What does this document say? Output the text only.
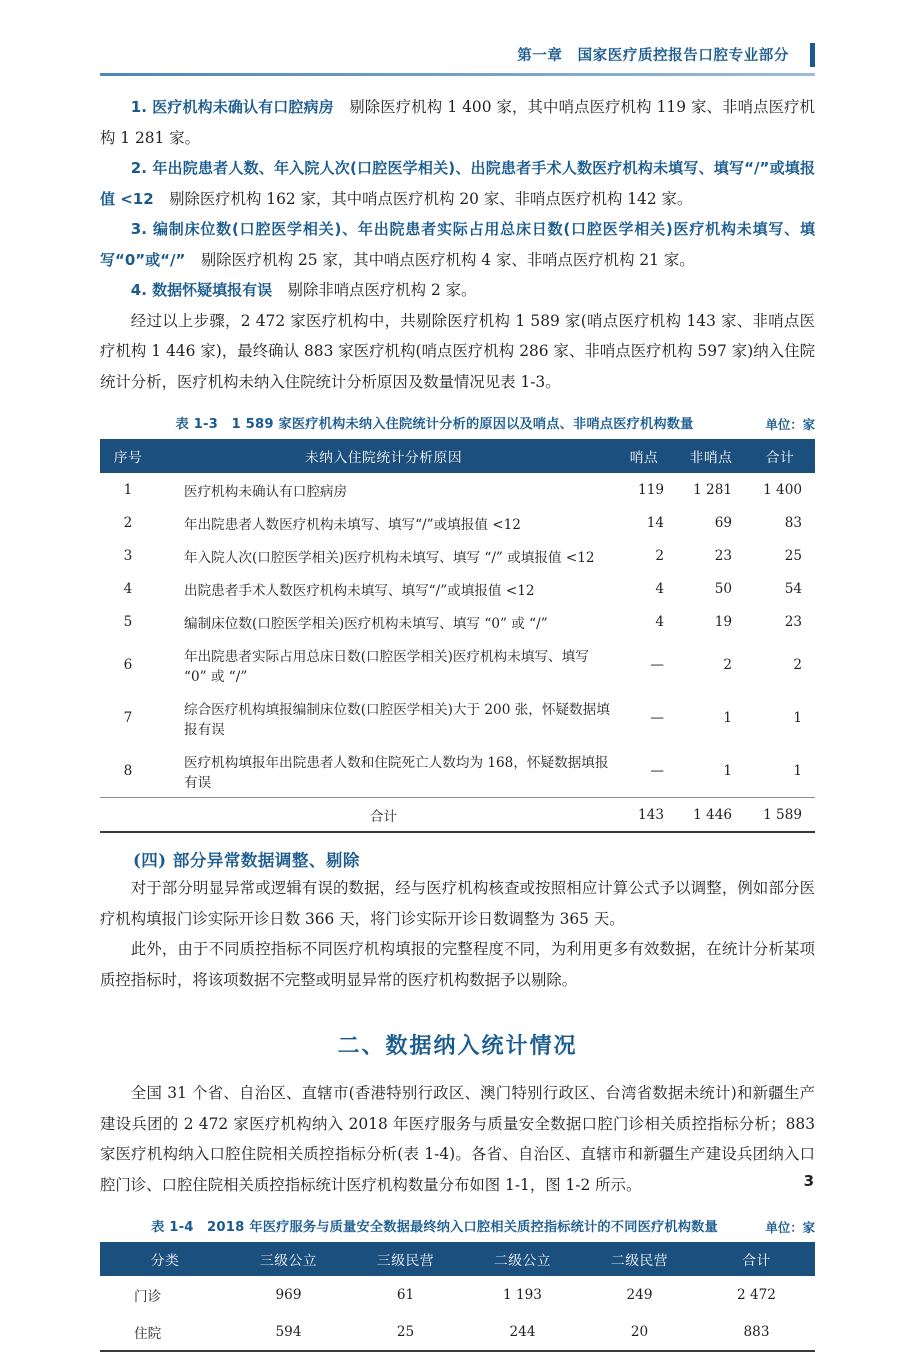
第一章　国家医疗质控报告口腔专业部分

1. 医疗机构未确认有口腔病房　剔除医疗机构 1 400 家，其中哨点医疗机构 119 家、非哨点医疗机构 1 281 家。

2. 年出院患者人数、年入院人次(口腔医学相关)、出院患者手术人数医疗机构未填写、填写“/”或填报值 <12　剔除医疗机构 162 家，其中哨点医疗机构 20 家、非哨点医疗机构 142 家。

3. 编制床位数(口腔医学相关)、年出院患者实际占用总床日数(口腔医学相关)医疗机构未填写、填写“0”或“/”　剔除医疗机构 25 家，其中哨点医疗机构 4 家、非哨点医疗机构 21 家。

4. 数据怀疑填报有误　剔除非哨点医疗机构 2 家。

经过以上步骤，2 472 家医疗机构中，共剔除医疗机构 1 589 家(哨点医疗机构 143 家、非哨点医疗机构 1 446 家)，最终确认 883 家医疗机构(哨点医疗机构 286 家、非哨点医疗机构 597 家)纳入住院统计分析，医疗机构未纳入住院统计分析原因及数量情况见表 1-3。

表 1-3　1 589 家医疗机构未纳入住院统计分析的原因以及哨点、非哨点医疗机构数量	单位：家
序号	未纳入住院统计分析原因	哨点	非哨点	合计
1	医疗机构未确认有口腔病房	119	1 281	1 400
2	年出院患者人数医疗机构未填写、填写“/”或填报值 <12	14	69	83
3	年入院人次(口腔医学相关)医疗机构未填写、填写 “/” 或填报值 <12	2	23	25
4	出院患者手术人数医疗机构未填写、填写“/”或填报值 <12	4	50	54
5	编制床位数(口腔医学相关)医疗机构未填写、填写 “0” 或 “/”	4	19	23
6	年出院患者实际占用总床日数(口腔医学相关)医疗机构未填写、填写 “0” 或 “/”	—	2	2
7	综合医疗机构填报编制床位数(口腔医学相关)大于 200 张，怀疑数据填报有误	—	1	1
8	医疗机构填报年出院患者人数和住院死亡人数均为 168，怀疑数据填报有误	—	1	1
	合计	143	1 446	1 589
(四) 部分异常数据调整、剔除

对于部分明显异常或逻辑有误的数据，经与医疗机构核查或按照相应计算公式予以调整，例如部分医疗机构填报门诊实际开诊日数 366 天，将门诊实际开诊日数调整为 365 天。

此外，由于不同质控指标不同医疗机构填报的完整程度不同，为利用更多有效数据，在统计分析某项质控指标时，将该项数据不完整或明显异常的医疗机构数据予以剔除。

二、数据纳入统计情况

全国 31 个省、自治区、直辖市(香港特别行政区、澳门特别行政区、台湾省数据未统计)和新疆生产建设兵团的 2 472 家医疗机构纳入 2018 年医疗服务与质量安全数据口腔门诊相关质控指标分析；883 家医疗机构纳入口腔住院相关质控指标分析(表 1-4)。各省、自治区、直辖市和新疆生产建设兵团纳入口腔门诊、口腔住院相关质控指标统计医疗机构数量分布如图 1-1，图 1-2 所示。

表 1-4　2018 年医疗服务与质量安全数据最终纳入口腔相关质控指标统计的不同医疗机构数量	单位：家
分类	三级公立	三级民营	二级公立	二级民营	合计
门诊	969	61	1 193	249	2 472
住院	594	25	244	20	883
3
